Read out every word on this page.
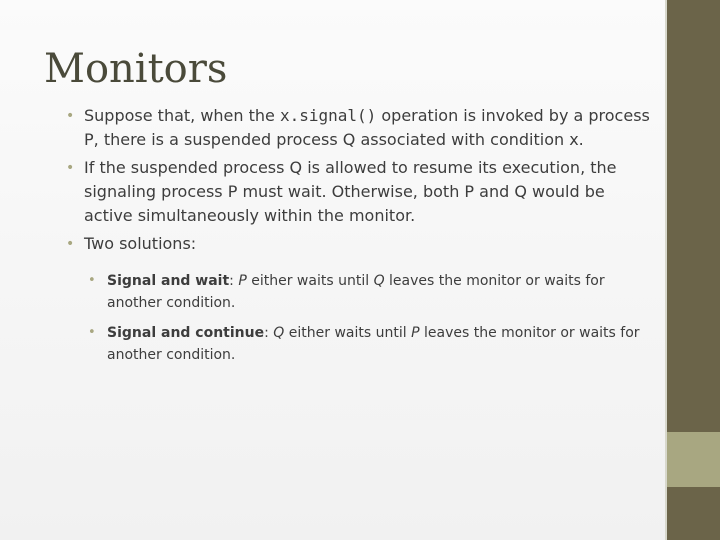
Monitors
• Suppose that, when the x.signal() operation is invoked by a process P, there is a suspended process Q associated with condition x.
• If the suspended process Q is allowed to resume its execution, the signaling process P must wait. Otherwise, both P and Q would be active simultaneously within the monitor.
• Two solutions:
• Signal and wait: P either waits until Q leaves the monitor or waits for another condition.
• Signal and continue: Q either waits until P leaves the monitor or waits for another condition.
